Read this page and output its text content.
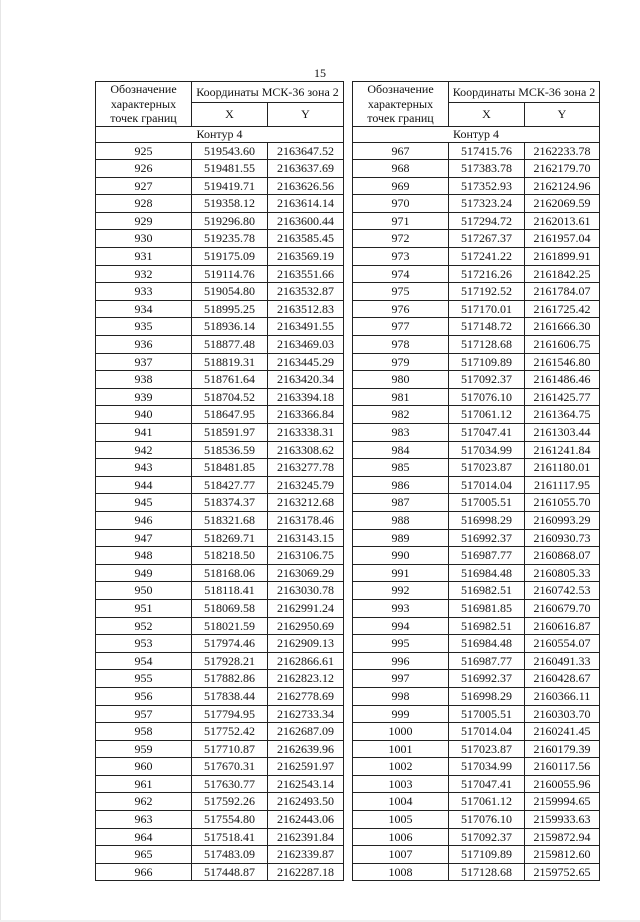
15
Обозначение характерных точек границ	Координаты МСК-36 зона 2	
	X	Y
Контур 4		
925	519543.60	2163647.52
926	519481.55	2163637.69
927	519419.71	2163626.56
928	519358.12	2163614.14
929	519296.80	2163600.44
930	519235.78	2163585.45
931	519175.09	2163569.19
932	519114.76	2163551.66
933	519054.80	2163532.87
934	518995.25	2163512.83
935	518936.14	2163491.55
936	518877.48	2163469.03
937	518819.31	2163445.29
938	518761.64	2163420.34
939	518704.52	2163394.18
940	518647.95	2163366.84
941	518591.97	2163338.31
942	518536.59	2163308.62
943	518481.85	2163277.78
944	518427.77	2163245.79
945	518374.37	2163212.68
946	518321.68	2163178.46
947	518269.71	2163143.15
948	518218.50	2163106.75
949	518168.06	2163069.29
950	518118.41	2163030.78
951	518069.58	2162991.24
952	518021.59	2162950.69
953	517974.46	2162909.13
954	517928.21	2162866.61
955	517882.86	2162823.12
956	517838.44	2162778.69
957	517794.95	2162733.34
958	517752.42	2162687.09
959	517710.87	2162639.96
960	517670.31	2162591.97
961	517630.77	2162543.14
962	517592.26	2162493.50
963	517554.80	2162443.06
964	517518.41	2162391.84
965	517483.09	2162339.87
966	517448.87	2162287.18
Обозначение характерных точек границ	Координаты МСК-36 зона 2	
	X	Y
Контур 4		
967	517415.76	2162233.78
968	517383.78	2162179.70
969	517352.93	2162124.96
970	517323.24	2162069.59
971	517294.72	2162013.61
972	517267.37	2161957.04
973	517241.22	2161899.91
974	517216.26	2161842.25
975	517192.52	2161784.07
976	517170.01	2161725.42
977	517148.72	2161666.30
978	517128.68	2161606.75
979	517109.89	2161546.80
980	517092.37	2161486.46
981	517076.10	2161425.77
982	517061.12	2161364.75
983	517047.41	2161303.44
984	517034.99	2161241.84
985	517023.87	2161180.01
986	517014.04	2161117.95
987	517005.51	2161055.70
988	516998.29	2160993.29
989	516992.37	2160930.73
990	516987.77	2160868.07
991	516984.48	2160805.33
992	516982.51	2160742.53
993	516981.85	2160679.70
994	516982.51	2160616.87
995	516984.48	2160554.07
996	516987.77	2160491.33
997	516992.37	2160428.67
998	516998.29	2160366.11
999	517005.51	2160303.70
1000	517014.04	2160241.45
1001	517023.87	2160179.39
1002	517034.99	2160117.56
1003	517047.41	2160055.96
1004	517061.12	2159994.65
1005	517076.10	2159933.63
1006	517092.37	2159872.94
1007	517109.89	2159812.60
1008	517128.68	2159752.65
